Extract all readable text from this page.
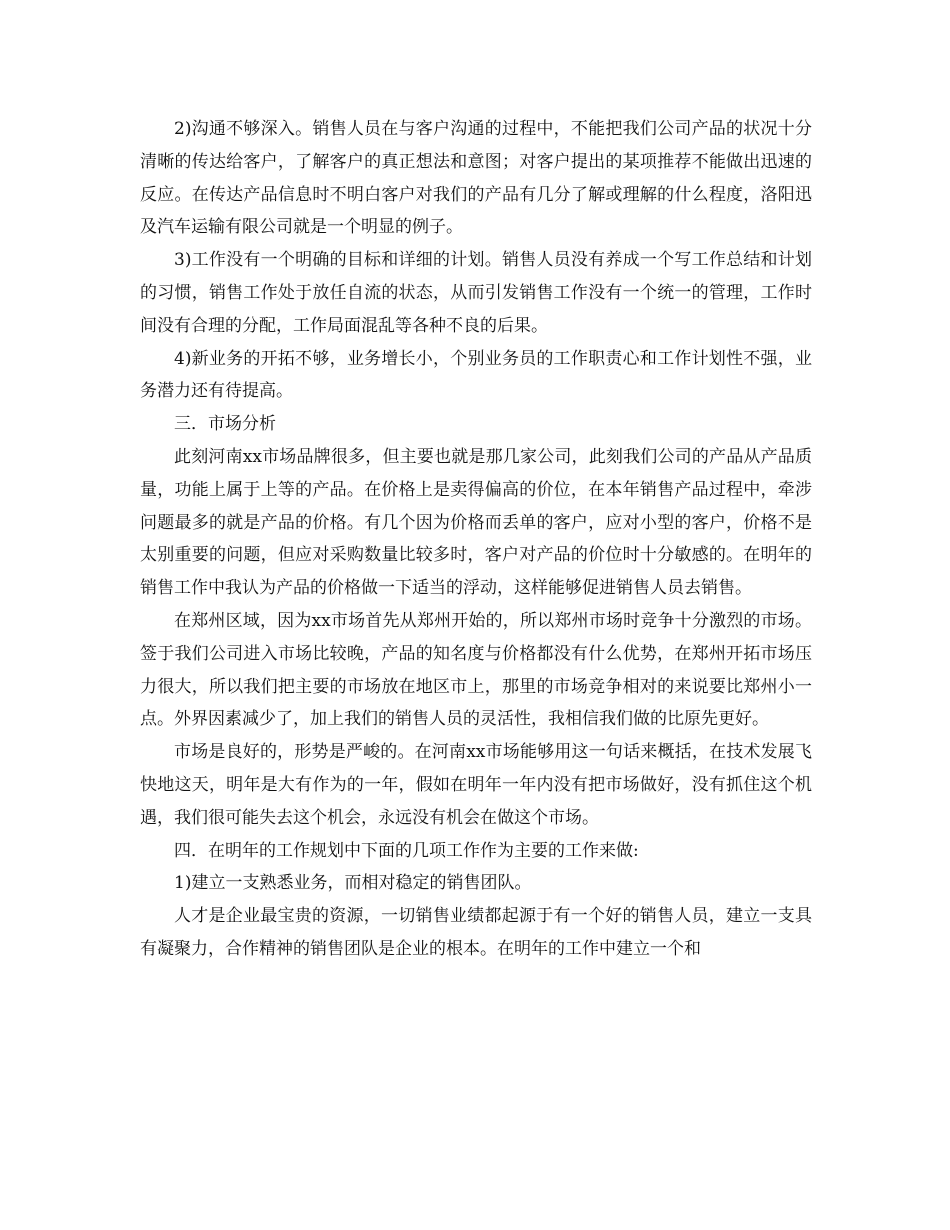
2)沟通不够深入。销售人员在与客户沟通的过程中，不能把我们公司产品的状况十分清晰的传达给客户，了解客户的真正想法和意图；对客户提出的某项推荐不能做出迅速的反应。在传达产品信息时不明白客户对我们的产品有几分了解或理解的什么程度，洛阳迅及汽车运输有限公司就是一个明显的例子。

3)工作没有一个明确的目标和详细的计划。销售人员没有养成一个写工作总结和计划的习惯，销售工作处于放任自流的状态，从而引发销售工作没有一个统一的管理，工作时间没有合理的分配，工作局面混乱等各种不良的后果。

4)新业务的开拓不够，业务增长小，个别业务员的工作职责心和工作计划性不强，业务潜力还有待提高。

三．市场分析

此刻河南xx市场品牌很多，但主要也就是那几家公司，此刻我们公司的产品从产品质量，功能上属于上等的产品。在价格上是卖得偏高的价位，在本年销售产品过程中，牵涉问题最多的就是产品的价格。有几个因为价格而丢单的客户，应对小型的客户，价格不是太别重要的问题，但应对采购数量比较多时，客户对产品的价位时十分敏感的。在明年的销售工作中我认为产品的价格做一下适当的浮动，这样能够促进销售人员去销售。

在郑州区域，因为xx市场首先从郑州开始的，所以郑州市场时竞争十分激烈的市场。签于我们公司进入市场比较晚，产品的知名度与价格都没有什么优势，在郑州开拓市场压力很大，所以我们把主要的市场放在地区市上，那里的市场竞争相对的来说要比郑州小一点。外界因素减少了，加上我们的销售人员的灵活性，我相信我们做的比原先更好。

市场是良好的，形势是严峻的。在河南xx市场能够用这一句话来概括，在技术发展飞快地这天，明年是大有作为的一年，假如在明年一年内没有把市场做好，没有抓住这个机遇，我们很可能失去这个机会，永远没有机会在做这个市场。

四．在明年的工作规划中下面的几项工作作为主要的工作来做:

1)建立一支熟悉业务，而相对稳定的销售团队。

人才是企业最宝贵的资源，一切销售业绩都起源于有一个好的销售人员，建立一支具有凝聚力，合作精神的销售团队是企业的根本。在明年的工作中建立一个和
